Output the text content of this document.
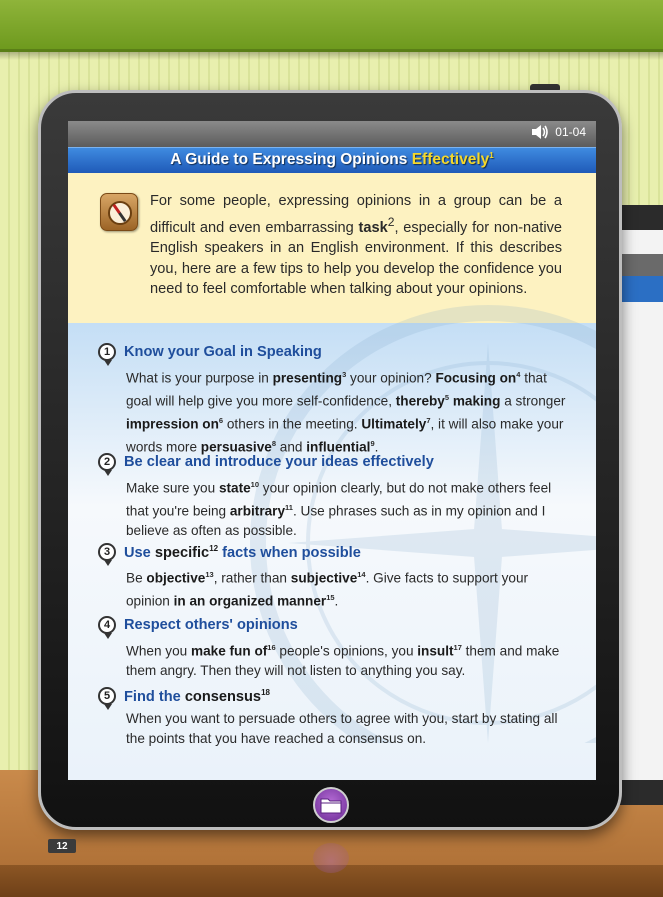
01-04
A Guide to Expressing Opinions Effectively$^1$
For some people, expressing opinions in a group can be a difficult and even embarrassing task$^2$, especially for non-native English speakers in an English environment. If this describes you, here are a few tips to help you develop the confidence you need to feel comfortable when talking about your opinions.
1 Know your Goal in Speaking
What is your purpose in presenting$^3$ your opinion? Focusing $on^4$ that goal will help give you more self-confidence, thereby$^5$ making a stronger impression $on^6$ others in the meeting. Ultimately$^7$, it will also make your words more persuasive$^8$ and influential$^9$.
2 Be clear and introduce your ideas effectively
Make sure you state$^{10}$ your opinion clearly, but do not make others feel that you're being arbitrary$^{11}$. Use phrases such as in my opinion and I believe as often as possible.
3 Use specific$^{12}$ facts when possible
Be objective$^{13}$, rather than subjective$^{14}$. Give facts to support your opinion in an organized manner$^{15}$.
4 Respect others' opinions
When you make fun $of^{16}$ people's opinions, you insult$^{17}$ them and make them angry. Then they will not listen to anything you say.
5 Find the consensus$^{18}$
When you want to persuade others to agree with you, start by stating all the points that you have reached a consensus on.
12
